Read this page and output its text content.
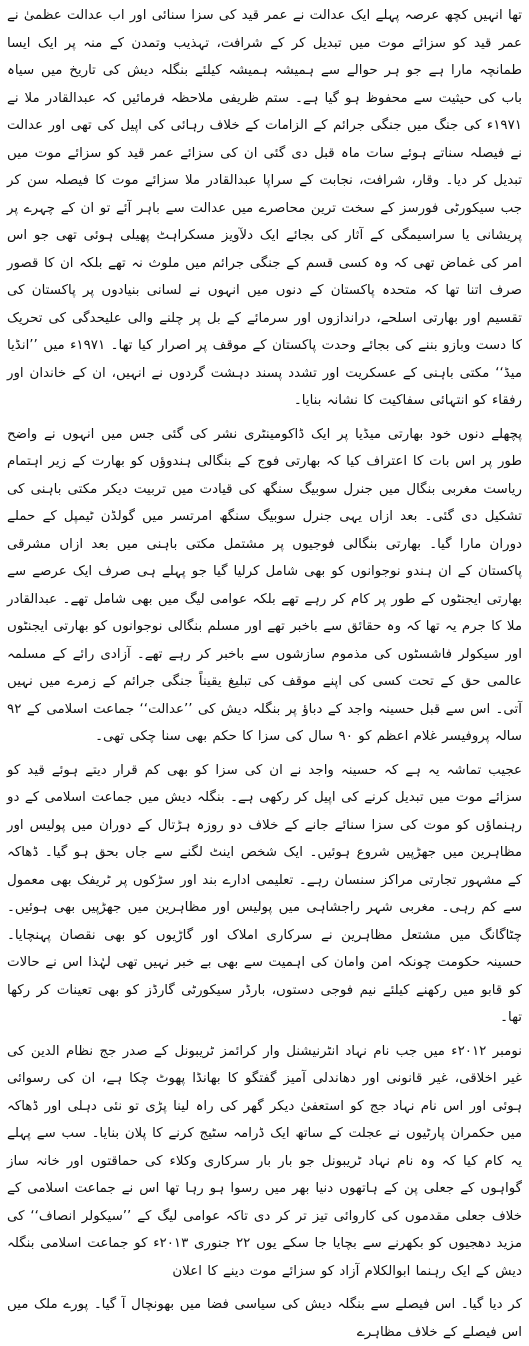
تھا انہیں کچھ عرصہ پہلے ایک عدالت نے عمر قید کی سزا سنائی اور اب عدالت عظمیٰ نے عمر قید کو سزائے موت میں تبدیل کر کے شرافت، تہذیب وتمدن کے منہ پر ایک ایسا طمانچہ مارا ہے جو ہر حوالے سے ہمیشہ ہمیشہ کیلئے بنگلہ دیش کی تاریخ میں سیاہ باب کی حیثیت سے محفوظ ہو گیا ہے۔ ستم ظریفی ملاحظہ فرمائیں کہ عبدالقادر ملا نے ۱۹۷۱ء کی جنگ میں جنگی جرائم کے الزامات کے خلاف رہائی کی اپیل کی تھی اور عدالت نے فیصلہ سناتے ہوئے سات ماہ قبل دی گئی ان کی سزائے عمر قید کو سزائے موت میں تبدیل کر دیا۔ وقار، شرافت، نجابت کے سراپا عبدالقادر ملا سزائے موت کا فیصلہ سن کر جب سیکورٹی فورسز کے سخت ترین محاصرے میں عدالت سے باہر آئے تو ان کے چہرے پر پریشانی یا سراسیمگی کے آثار کی بجائے ایک دلآویز مسکراہٹ پھیلی ہوئی تھی جو اس امر کی غماض تھی کہ وہ کسی قسم کے جنگی جرائم میں ملوث نہ تھے بلکہ ان کا قصور صرف اتنا تھا کہ متحدہ پاکستان کے دنوں میں انہوں نے لسانی بنیادوں پر پاکستان کی تقسیم اور بھارتی اسلحے، دراندازوں اور سرمائے کے بل پر چلنے والی علیحدگی کی تحریک کا دست وبازو بننے کی بجائے وحدت پاکستان کے موقف پر اصرار کیا تھا۔ ۱۹۷۱ء میں ’’انڈیا میڈ‘‘ مکتی باہنی کے عسکریت اور تشدد پسند دہشت گردوں نے انہیں، ان کے خاندان اور رفقاء کو انتہائی سفاکیت کا نشانہ بنایا۔

پچھلے دنوں خود بھارتی میڈیا پر ایک ڈاکومینٹری نشر کی گئی جس میں انہوں نے واضح طور پر اس بات کا اعتراف کیا کہ بھارتی فوج کے بنگالی ہندوؤں کو بھارت کے زیر اہتمام ریاست مغربی بنگال میں جنرل سوبیگ سنگھ کی قیادت میں تربیت دیکر مکتی باہنی کی تشکیل دی گئی۔ بعد ازاں یہی جنرل سوبیگ سنگھ امرتسر میں گولڈن ٹیمپل کے حملے دوران مارا گیا۔ بھارتی بنگالی فوجیوں پر مشتمل مکتی باہنی میں بعد ازاں مشرقی پاکستان کے ان ہندو نوجوانوں کو بھی شامل کرلیا گیا جو پہلے ہی صرف ایک عرصے سے بھارتی ایجنٹوں کے طور پر کام کر رہے تھے بلکہ عوامی لیگ میں بھی شامل تھے۔ عبدالقادر ملا کا جرم یہ تھا کہ وہ حقائق سے باخبر تھے اور مسلم بنگالی نوجوانوں کو بھارتی ایجنٹوں اور سیکولر فاشسٹوں کی مذموم سازشوں سے باخبر کر رہے تھے۔ آزادی رائے کے مسلمہ عالمی حق کے تحت کسی کی اپنے موقف کی تبلیغ یقیناً جنگی جرائم کے زمرے میں نہیں آتی۔ اس سے قبل حسینہ واجد کے دباؤ پر بنگلہ دیش کی ’’عدالت‘‘ جماعت اسلامی کے ۹۲ سالہ پروفیسر غلام اعظم کو ۹۰ سال کی سزا کا حکم بھی سنا چکی تھی۔

عجیب تماشہ یہ ہے کہ حسینہ واجد نے ان کی سزا کو بھی کم قرار دیتے ہوئے قید کو سزائے موت میں تبدیل کرنے کی اپیل کر رکھی ہے۔ بنگلہ دیش میں جماعت اسلامی کے دو رہنماؤں کو موت کی سزا سنائے جانے کے خلاف دو روزہ ہڑتال کے دوران میں پولیس اور مظاہرین میں جھڑپیں شروع ہوئیں۔ ایک شخص اینٹ لگنے سے جاں بحق ہو گیا۔ ڈھاکہ کے مشہور تجارتی مراکز سنسان رہے۔ تعلیمی ادارے بند اور سڑکوں پر ٹریفک بھی معمول سے کم رہی۔ مغربی شہر راجشاہی میں پولیس اور مظاہرین میں جھڑپیں بھی ہوئیں۔ چٹاگانگ میں مشتعل مظاہرین نے سرکاری املاک اور گاڑیوں کو بھی نقصان پہنچایا۔ حسینہ حکومت چونکہ امن وامان کی اہمیت سے بھی بے خبر نہیں تھی لہٰذا اس نے حالات کو قابو میں رکھنے کیلئے نیم فوجی دستوں، بارڈر سیکورٹی گارڈز کو بھی تعینات کر رکھا تھا۔

نومبر ۲۰۱۲ء میں جب نام نہاد انٹرنیشنل وار کرائمز ٹریبونل کے صدر جج نظام الدین کی غیر اخلاقی، غیر قانونی اور دھاندلی آمیز گفتگو کا بھانڈا پھوٹ چکا ہے، ان کی رسوائی ہوئی اور اس نام نہاد جج کو استعفیٰ دیکر گھر کی راہ لینا پڑی تو نئی دہلی اور ڈھاکہ میں حکمران پارٹیوں نے عجلت کے ساتھ ایک ڈرامہ سٹیج کرنے کا پلان بنایا۔ سب سے پہلے یہ کام کیا کہ وہ نام نہاد ٹریبونل جو بار بار سرکاری وکلاء کی حماقتوں اور خانہ ساز گواہوں کے جعلی پن کے ہاتھوں دنیا بھر میں رسوا ہو رہا تھا اس نے جماعت اسلامی کے خلاف جعلی مقدموں کی کاروائی تیز تر کر دی تاکہ عوامی لیگ کے ’’سیکولر انصاف‘‘ کی مزید دھجیوں کو بکھرنے سے بچایا جا سکے یوں ۲۲ جنوری ۲۰۱۳ء کو جماعت اسلامی بنگلہ دیش کے ایک رہنما ابوالکلام آزاد کو سزائے موت دینے کا اعلان

کر دیا گیا۔ اس فیصلے سے بنگلہ دیش کی سیاسی فضا میں بھونچال آ گیا۔ پورے ملک میں اس فیصلے کے خلاف مظاہرے
